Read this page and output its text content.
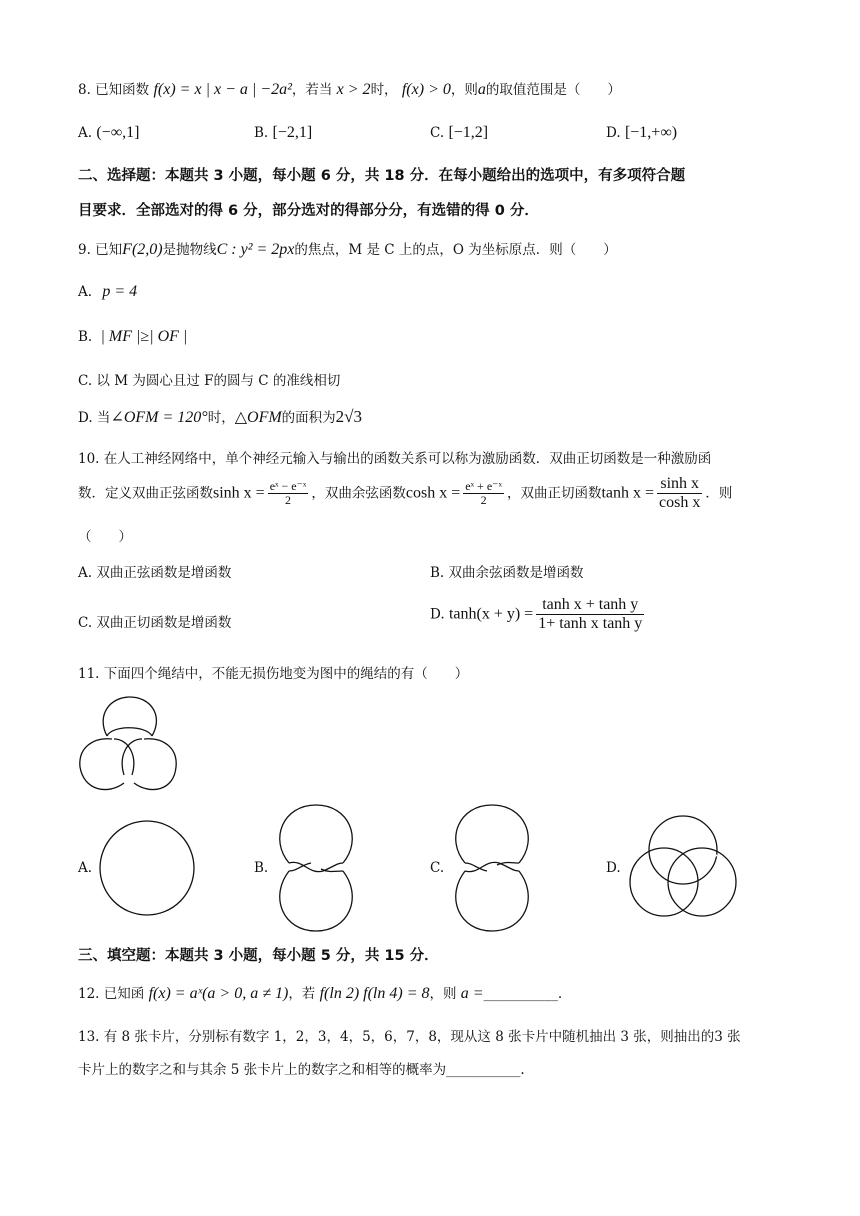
8. 已知函数 f(x) = x | x − a | −2a²，若当 x > 2时， f(x) > 0，则a的取值范围是（　　）
A. (−∞,1]	B. [−2,1]	C. [−1,2]	D. [−1,+∞)
二、选择题：本题共 3 小题，每小题 6 分，共 18 分．在每小题给出的选项中，有多项符合题
目要求．全部选对的得 6 分，部分选对的得部分分，有选错的得 0 分．
9. 已知F(2,0)是抛物线C : y² = 2px的焦点，M 是 C 上的点，O 为坐标原点．则（　　）
A. p = 4
B. | MF |≥| OF |
C. 以 M 为圆心且过 F的圆与 C 的准线相切
D. 当∠OFM = 120°时，△OFM的面积为2√3
10. 在人工神经网络中，单个神经元输入与输出的函数关系可以称为激励函数．双曲正切函数是一种激励函
数．定义双曲正弦函数$\sinh x = \frac{\text{eˣ − e⁻ˣ}}{2}$ ，双曲余弦函数$\cosh x = \frac{\text{eˣ + e⁻ˣ}}{2}$ ，双曲正切函数$\tanh x = \frac{\text{sinh x}}{\text{cosh x}}$ ．则
（　　）
A. 双曲正弦函数是增函数	B. 双曲余弦函数是增函数
C. 双曲正切函数是增函数
D. $\tanh(x + y) = \frac{\text{tanh x + tanh y}}{\text{1+ tanh x tanh y}}$
11. 下面四个绳结中，不能无损伤地变为图中的绳结的有（　　）
A.	B.	C.	D.
三、填空题：本题共 3 小题，每小题 5 分，共 15 分．
12. 已知函 f(x) = aˣ(a > 0, a ≠ 1)，若 f(ln 2) f(ln 4) = 8，则 a =___________.
13. 有 8 张卡片，分别标有数字 1，2，3，4，5，6，7，8，现从这 8 张卡片中随机抽出 3 张，则抽出的3 张
卡片上的数字之和与其余 5 张卡片上的数字之和相等的概率为___________.
